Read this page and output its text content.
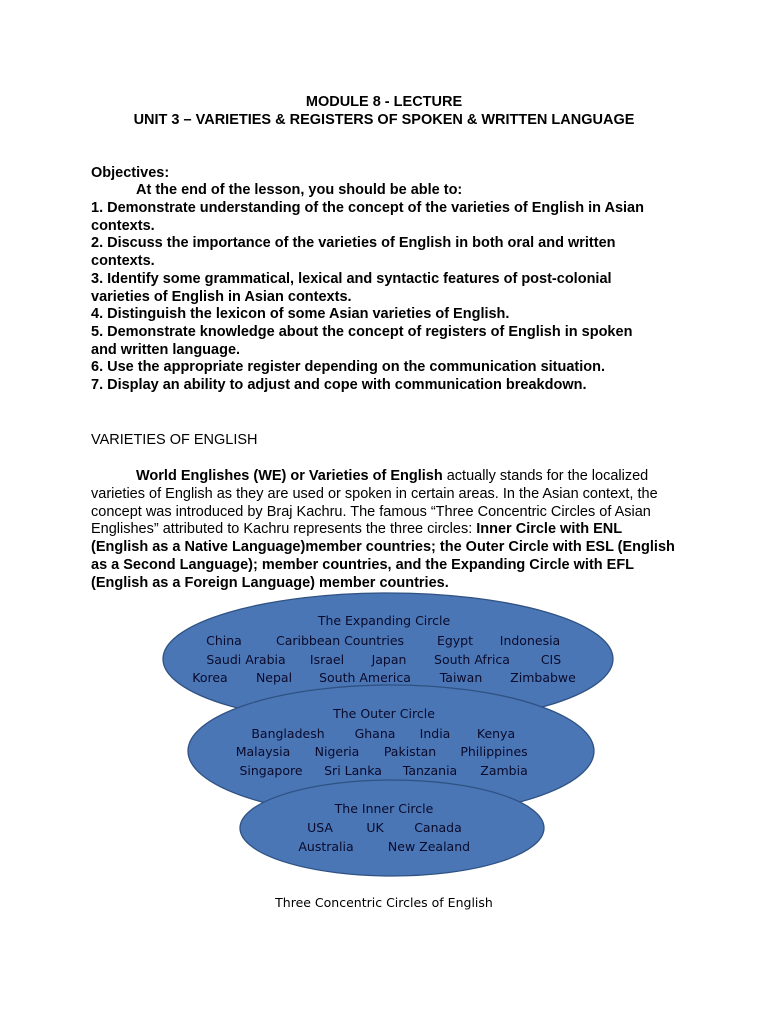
MODULE 8 - LECTURE
UNIT 3 – VARIETIES & REGISTERS OF SPOKEN & WRITTEN LANGUAGE
Objectives:
At the end of the lesson, you should be able to:
1. Demonstrate understanding of the concept of the varieties of English in Asian
contexts.
2. Discuss the importance of the varieties of English in both oral and written
contexts.
3. Identify some grammatical, lexical and syntactic features of post-colonial
varieties of English in Asian contexts.
4. Distinguish the lexicon of some Asian varieties of English.
5. Demonstrate knowledge about the concept of registers of English in spoken
and written language.
6. Use the appropriate register depending on the communication situation.
7. Display an ability to adjust and cope with communication breakdown.
VARIETIES OF ENGLISH
World Englishes (WE) or Varieties of English actually stands for the localized varieties of English as they are used or spoken in certain areas. In the Asian context, the concept was introduced by Braj Kachru. The famous “Three Concentric Circles of Asian Englishes” attributed to Kachru represents the three circles: Inner Circle with ENL (English as a Native Language)member countries; the Outer Circle with ESL (English as a Second Language); member countries, and the Expanding Circle with EFL (English as a Foreign Language) member countries.
The Expanding Circle
China	Caribbean Countries	Egypt Indonesia
Saudi Arabia Israel Japan South Africa CIS
Korea Nepal South America Taiwan Zimbabwe
The Outer Circle
Bangladesh Ghana India Kenya
Malaysia Nigeria Pakistan Philippines
Singapore Sri Lanka Tanzania Zambia
The Inner Circle
USA	UK Canada
Australia	New Zealand
Three Concentric Circles of English
